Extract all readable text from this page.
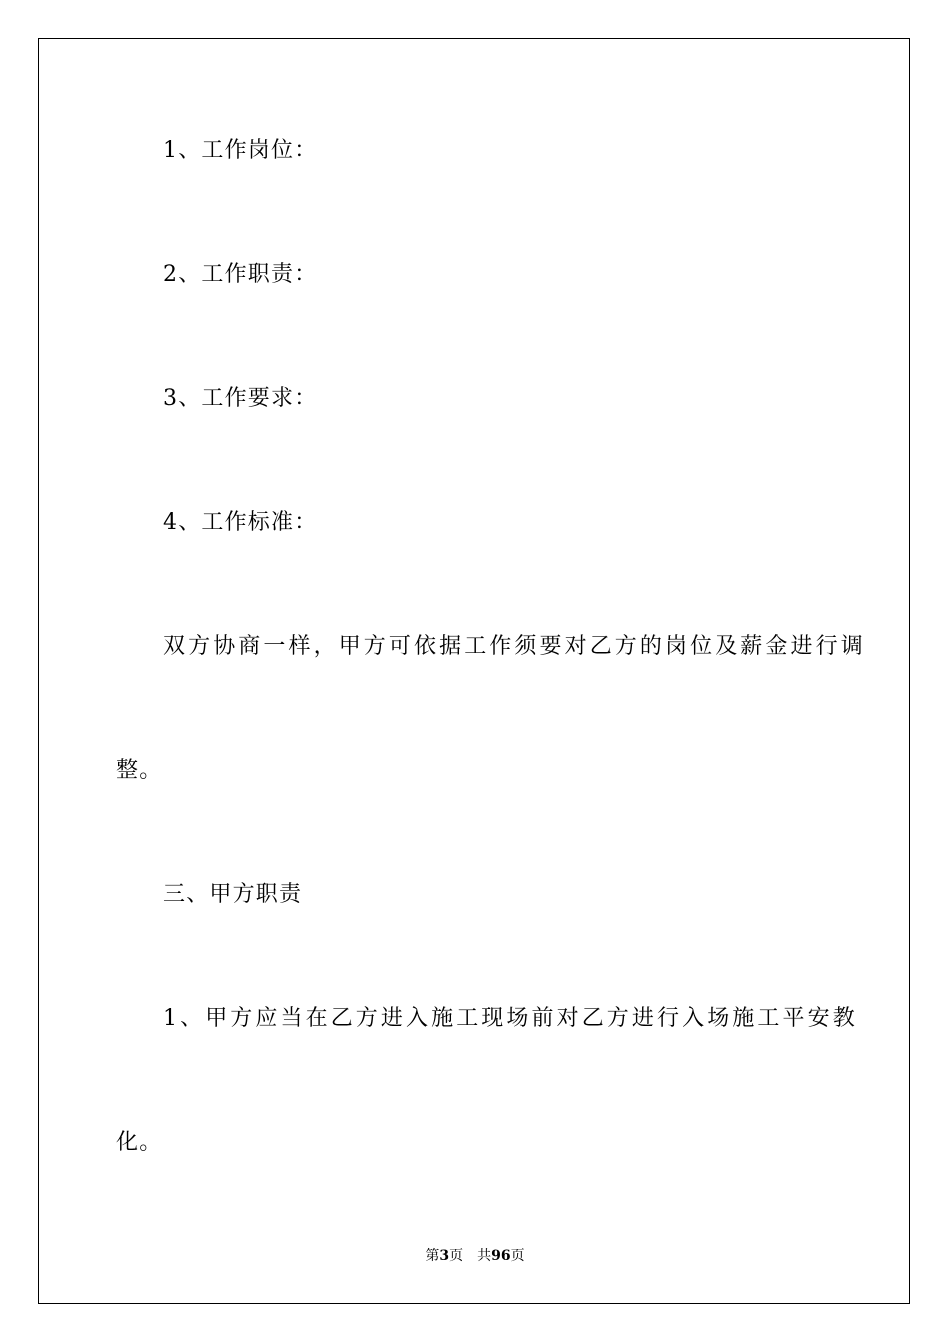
1、工作岗位：
2、工作职责：
3、工作要求：
4、工作标准：
双方协商一样，甲方可依据工作须要对乙方的岗位及薪金进行调
整。
三、甲方职责
1、甲方应当在乙方进入施工现场前对乙方进行入场施工平安教
化。
第3页 共96页
